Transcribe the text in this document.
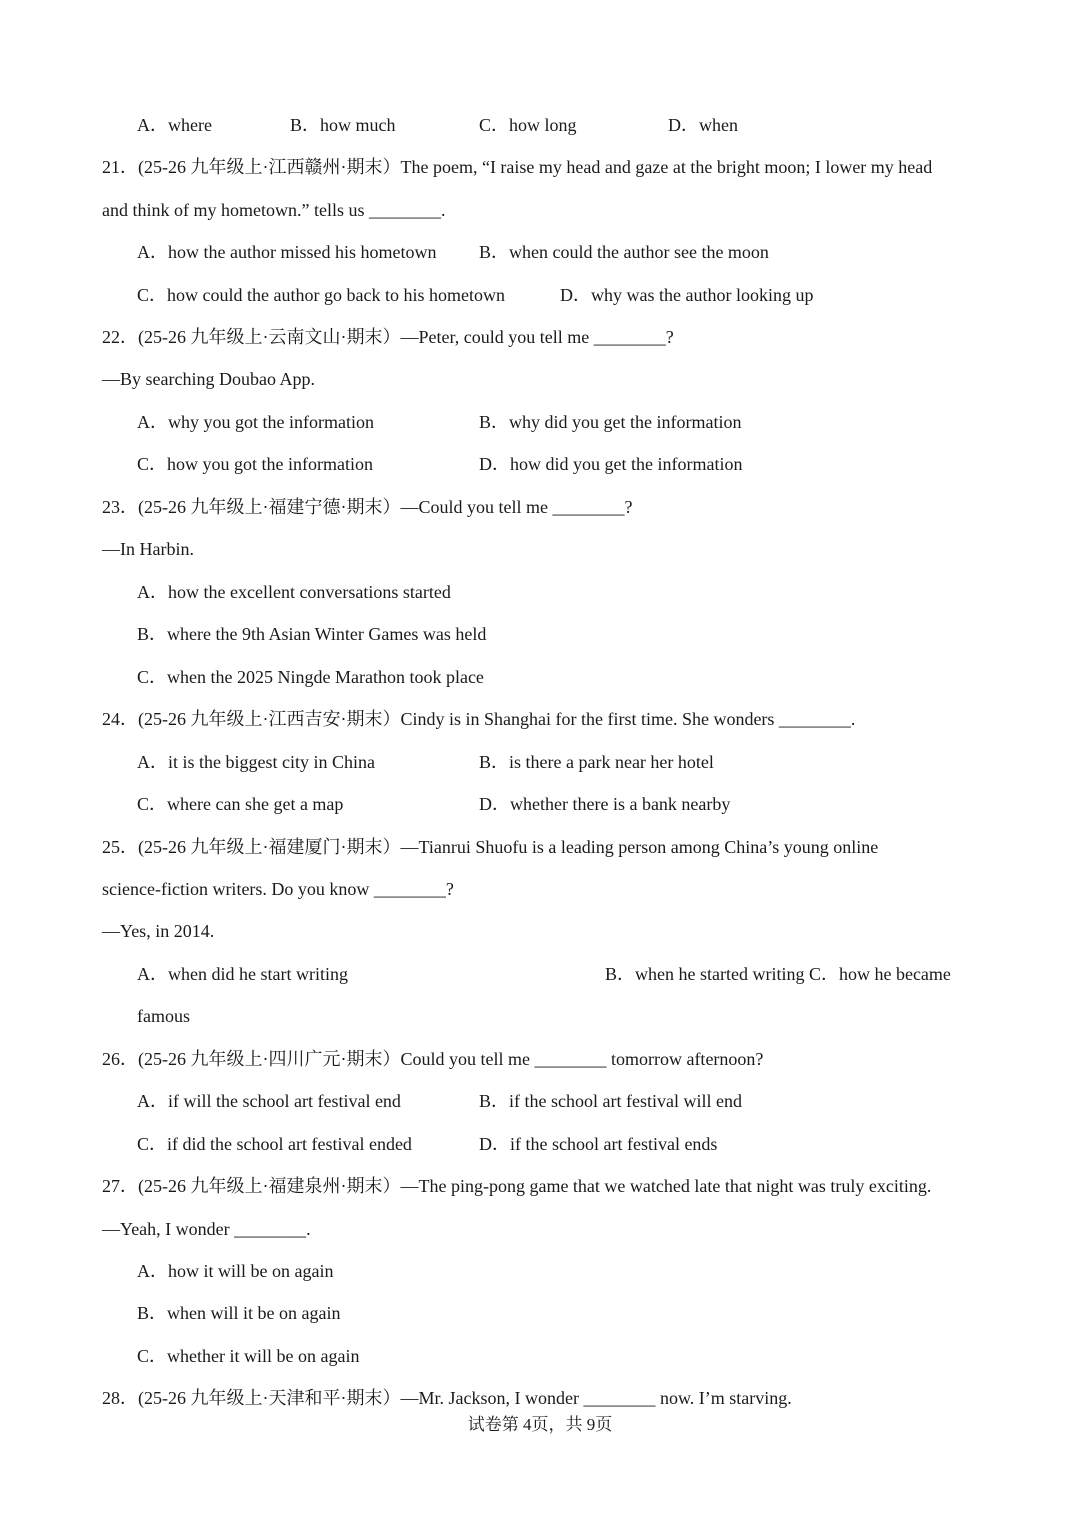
A．where	B．how much	C．how long	D．when
21．(25-26 九年级上·江西赣州·期末）The poem, “I raise my head and gaze at the bright moon; I lower my head
and think of my hometown.” tells us ________.
A．how the author missed his hometown B．when could the author see the moon
C．how could the author go back to his hometown	D．why was the author looking up
22．(25-26 九年级上·云南文山·期末）—Peter, could you tell me ________?
—By searching Doubao App.
A．why you got the information	B．why did you get the information
C．how you got the information	D．how did you get the information
23．(25-26 九年级上·福建宁德·期末）—Could you tell me ________?
—In Harbin.
A．how the excellent conversations started
B．where the 9th Asian Winter Games was held
C．when the 2025 Ningde Marathon took place
24．(25-26 九年级上·江西吉安·期末）Cindy is in Shanghai for the first time. She wonders ________.
A．it is the biggest city in China	B．is there a park near her hotel
C．where can she get a map	D．whether there is a bank nearby
25．(25-26 九年级上·福建厦门·期末）—Tianrui Shuofu is a leading person among China’s young online
science-fiction writers. Do you know ________?
—Yes, in 2014.
A．when did he start writing	B．when he started writing C．how he became
famous
26．(25-26 九年级上·四川广元·期末）Could you tell me ________ tomorrow afternoon?
A．if will the school art festival end	B．if the school art festival will end
C．if did the school art festival ended	D．if the school art festival ends
27．(25-26 九年级上·福建泉州·期末）—The ping-pong game that we watched late that night was truly exciting.
—Yeah, I wonder ________.
A．how it will be on again
B．when will it be on again
C．whether it will be on again
28．(25-26 九年级上·天津和平·期末）—Mr. Jackson, I wonder ________ now. I’m starving.
试卷第 4页，共 9页
